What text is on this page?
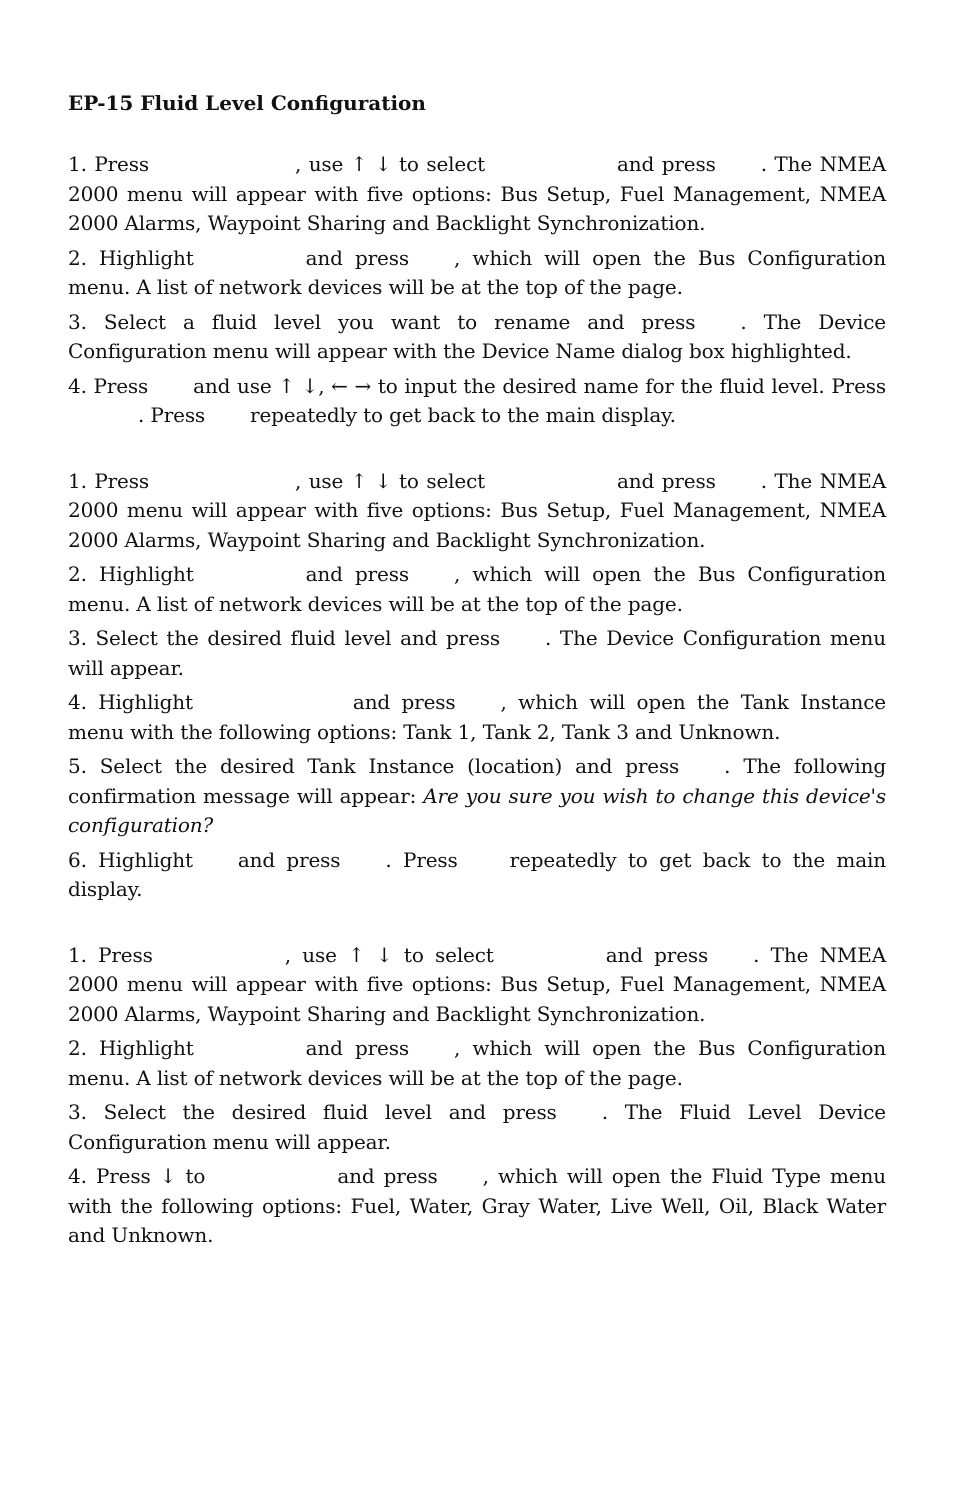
EP-15 Fluid Level Configuration

1. Press	, use ↑ ↓ to select	and press . The NMEA 2000 menu will appear with five options: Bus Setup, Fuel Management, NMEA 2000 Alarms, Waypoint Sharing and Backlight Synchronization.

2. Highlight	and press , which will open the Bus Configuration menu. A list of network devices will be at the top of the page.

3. Select a fluid level you want to rename and press . The Device Configuration menu will appear with the Device Name dialog box highlighted.

4. Press and use ↑ ↓, ← → to input the desired name for the fluid level. Press. Press repeatedly to get back to the main display.

1. Press	, use ↑ ↓ to select	and press . The NMEA 2000 menu will appear with five options: Bus Setup, Fuel Management, NMEA 2000 Alarms, Waypoint Sharing and Backlight Synchronization.

2. Highlight	and press , which will open the Bus Configuration menu. A list of network devices will be at the top of the page.

3. Select the desired fluid level and press . The Device Configuration menu will appear.

4. Highlight	and press , which will open the Tank Instance menu with the following options: Tank 1, Tank 2, Tank 3 and Unknown.

5. Select the desired Tank Instance (location) and press . The following confirmation message will appear: Are you sure you wish to change this device's configuration?

6. Highlight and press . Press	repeatedly to get back to the main display.

1. Press	, use ↑ ↓ to select	and press . The NMEA 2000 menu will appear with five options: Bus Setup, Fuel Management, NMEA 2000 Alarms, Waypoint Sharing and Backlight Synchronization.

2. Highlight	and press , which will open the Bus Configuration menu. A list of network devices will be at the top of the page.

3. Select the desired fluid level and press . The Fluid Level Device Configuration menu will appear.

4. Press ↓ to	and press , which will open the Fluid Type menu with the following options: Fuel, Water, Gray Water, Live Well, Oil, Black Water and Unknown.
